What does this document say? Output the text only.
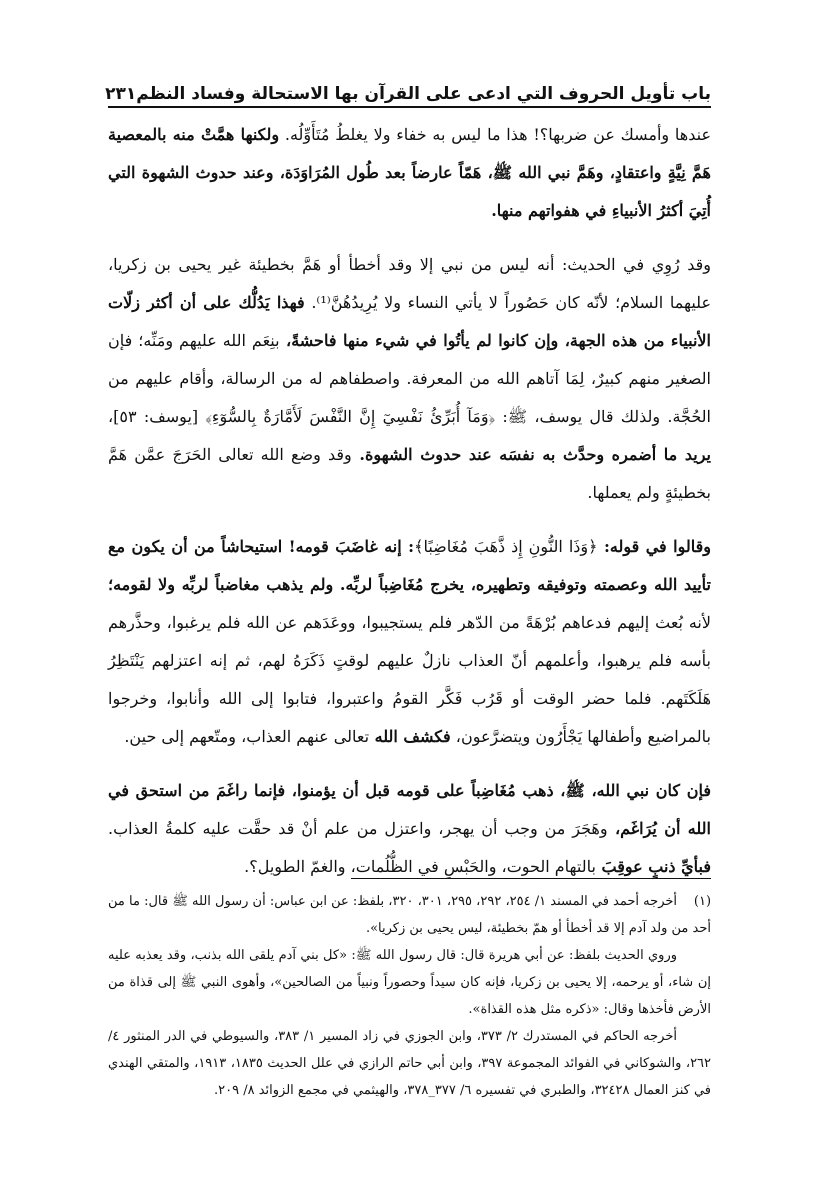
باب تأويل الحروف التي ادعى على القرآن بها الاستحالة وفساد النظم
٢٣١

عندها وأمسك عن ضربها؟! هذا ما ليس به خفاء ولا يغلطُ مُتَأَوِّلُه. ولكنها همَّتْ منه بالمعصية هَمَّ نِيَّةٍ واعتقادٍ، وهَمَّ نبي الله ﷺ، هَمّاً عارضاً بعد طُول المُرَاوَدَة، وعند حدوث الشهوة التي أُتِيَ أكثرُ الأنبياءِ في هفواتهم منها.

وقد رُوِي في الحديث: أنه ليس من نبي إلا وقد أخطأ أو هَمَّ بخطيئة غير يحيى بن زكريا، عليهما السلام؛ لأنّه كان حَصُوراً لا يأتي النساء ولا يُرِيدُهُنَّ⁽¹⁾. فهذا يَدُلُّك على أن أكثر زلّات الأنبياء من هذه الجهة، وإن كانوا لم يأتُوا في شيء منها فاحشةً، بنِعَم الله عليهم ومَنِّه؛ فإن الصغير منهم كبيرٌ، لِمَا آتاهم الله من المعرفة. واصطفاهم له من الرسالة، وأقام عليهم من الحُجَّة. ولذلك قال يوسف، ﷺ: ﴿وَمَآ أُبَرِّئُ نَفْسِيٓ إِنَّ النَّفْسَ لَأَمَّارَةٌ بِالسُّوٓءِ﴾ [يوسف: ٥٣]، يريد ما أضمره وحدَّث به نفسَه عند حدوث الشهوة. وقد وضع الله تعالى الحَرَجَ عمَّن هَمَّ بخطيئةٍ ولم يعملها.

وقالوا في قوله: ﴿وَذَا النُّونِ إِذ ذَّهَبَ مُغَاضِبًا﴾: إنه غاضَبَ قومه! استيحاشاً من أن يكون مع تأييد الله وعصمته وتوفيقه وتطهيره، يخرج مُغَاضِباً لربِّه. ولم يذهب مغاضباً لربِّه ولا لقومه؛ لأنه بُعث إليهم فدعاهم بُرْهَةً من الدّهر فلم يستجيبوا، ووعَدَهم عن الله فلم يرغبوا، وحذَّرهم بأسه فلم يرهبوا، وأعلمهم أنّ العذاب نازلٌ عليهم لوقتٍ ذَكَرَهُ لهم، ثم إنه اعتزلهم يَنْتَظِرُ هَلَكَتَهم. فلما حضر الوقت أو قَرُب فَكَّر القومُ واعتبروا، فتابوا إلى الله وأنابوا، وخرجوا بالمراضيع وأطفالها يَجْأَرُون ويتضرَّعون، فكشف الله تعالى عنهم العذاب، ومتّعهم إلى حين.

فإن كان نبي الله، ﷺ، ذهب مُغَاضِباً على قومه قبل أن يؤمنوا، فإنما راغَمَ من استحق في الله أن يُرَاغَم، وهَجَرَ من وجب أن يهجر، واعتزل من علم أنْ قد حقَّت عليه كلمةُ العذاب. فبأيِّ ذنبٍ عوقِبَ بالتهام الحوت، والحَبْسِ في الظُّلُمات، والغمّ الطويل؟.

(١)أخرجه أحمد في المسند ١/ ٢٥٤، ٢٩٢، ٢٩٥، ٣٠١، ٣٢٠، بلفظ: عن ابن عباس: أن رسول الله ﷺ قال: ما من أحد من ولد آدم إلا قد أخطأ أو همّ بخطيئة، ليس يحيى بن زكريا».

وروي الحديث بلفظ: عن أبي هريرة قال: قال رسول الله ﷺ: «كل بني آدم يلقى الله بذنب، وقد يعذبه عليه إن شاء، أو يرحمه، إلا يحيى بن زكريا، فإنه كان سيداً وحصوراً ونبياً من الصالحين»، وأهوى النبي ﷺ إلى قذاة من الأرض فأخذها وقال: «ذكره مثل هذه القذاة».

أخرجه الحاكم في المستدرك ٢/ ٣٧٣، وابن الجوزي في زاد المسير ١/ ٣٨٣، والسيوطي في الدر المنثور ٤/ ٢٦٢، والشوكاني في الفوائد المجموعة ٣٩٧، وابن أبي حاتم الرازي في علل الحديث ١٨٣٥، ١٩١٣، والمتقي الهندي في كنز العمال ٣٢٤٢٨، والطبري في تفسيره ٦/ ٣٧٧_٣٧٨، والهيثمي في مجمع الزوائد ٨/ ٢٠٩.
